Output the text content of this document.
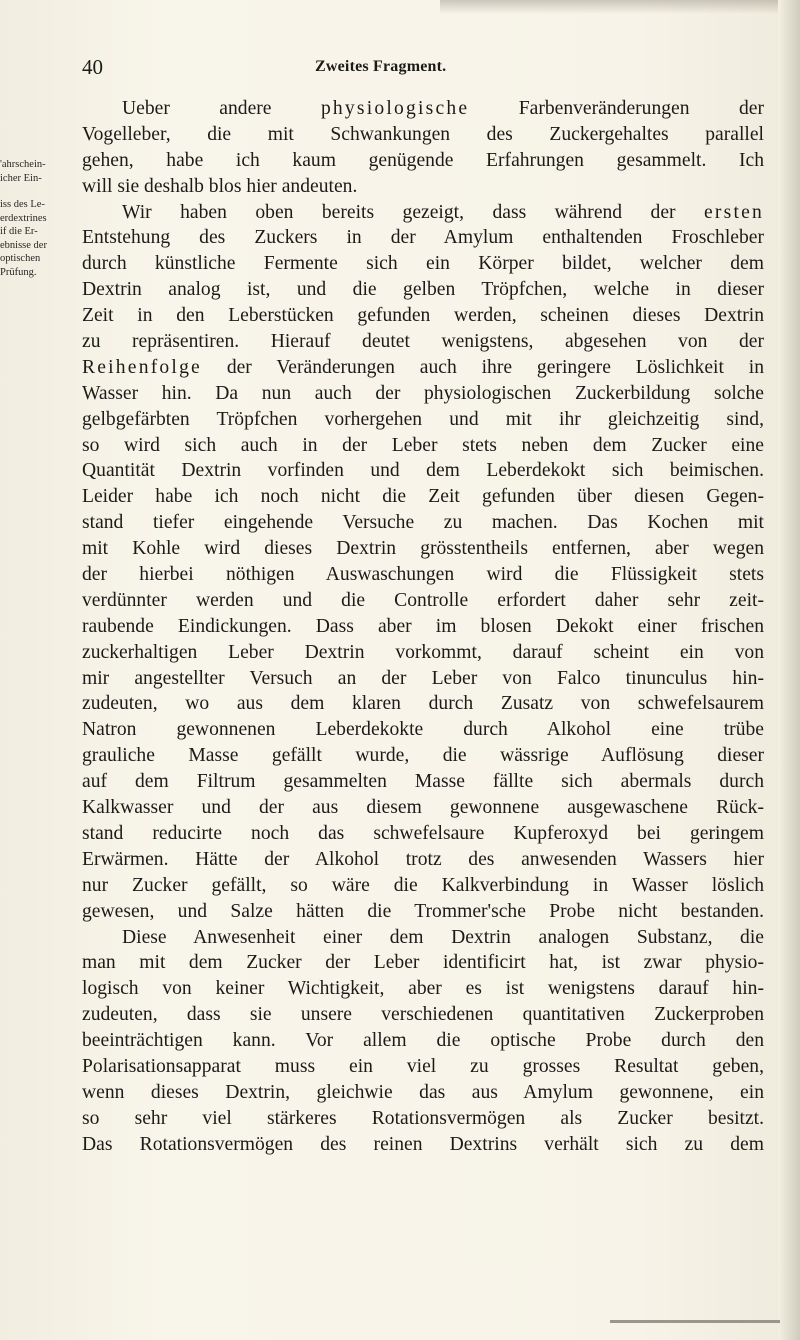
40	Zweites Fragment.
'ahrschein-
icher Ein-
iss des Le-
erdextrines
if die Er-
ebnisse der
optischen
Prüfung.
Ueber andere physiologische Farbenveränderungen der
Vogelleber, die mit Schwankungen des Zuckergehaltes parallel
gehen, habe ich kaum genügende Erfahrungen gesammelt. Ich
will sie deshalb blos hier andeuten.
Wir haben oben bereits gezeigt, dass während der ersten
Entstehung des Zuckers in der Amylum enthaltenden Froschleber
durch künstliche Fermente sich ein Körper bildet, welcher dem
Dextrin analog ist, und die gelben Tröpfchen, welche in dieser
Zeit in den Leberstücken gefunden werden, scheinen dieses Dextrin
zu repräsentiren. Hierauf deutet wenigstens, abgesehen von der
Reihenfolge der Veränderungen auch ihre geringere Löslichkeit in
Wasser hin. Da nun auch der physiologischen Zuckerbildung solche
gelbgefärbten Tröpfchen vorhergehen und mit ihr gleichzeitig sind,
so wird sich auch in der Leber stets neben dem Zucker eine
Quantität Dextrin vorfinden und dem Leberdekokt sich beimischen.
Leider habe ich noch nicht die Zeit gefunden über diesen Gegen-
stand tiefer eingehende Versuche zu machen. Das Kochen mit
mit Kohle wird dieses Dextrin grösstentheils entfernen, aber wegen
der hierbei nöthigen Auswaschungen wird die Flüssigkeit stets
verdünnter werden und die Controlle erfordert daher sehr zeit-
raubende Eindickungen. Dass aber im blosen Dekokt einer frischen
zuckerhaltigen Leber Dextrin vorkommt, darauf scheint ein von
mir angestellter Versuch an der Leber von Falco tinunculus hin-
zudeuten, wo aus dem klaren durch Zusatz von schwefelsaurem
Natron gewonnenen Leberdekokte durch Alkohol eine trübe
grauliche Masse gefällt wurde, die wässrige Auflösung dieser
auf dem Filtrum gesammelten Masse fällte sich abermals durch
Kalkwasser und der aus diesem gewonnene ausgewaschene Rück-
stand reducirte noch das schwefelsaure Kupferoxyd bei geringem
Erwärmen. Hätte der Alkohol trotz des anwesenden Wassers hier
nur Zucker gefällt, so wäre die Kalkverbindung in Wasser löslich
gewesen, und Salze hätten die Trommer'sche Probe nicht bestanden.
Diese Anwesenheit einer dem Dextrin analogen Substanz, die
man mit dem Zucker der Leber identificirt hat, ist zwar physio-
logisch von keiner Wichtigkeit, aber es ist wenigstens darauf hin-
zudeuten, dass sie unsere verschiedenen quantitativen Zuckerproben
beeinträchtigen kann. Vor allem die optische Probe durch den
Polarisationsapparat muss ein viel zu grosses Resultat geben,
wenn dieses Dextrin, gleichwie das aus Amylum gewonnene, ein
so sehr viel stärkeres Rotationsvermögen als Zucker besitzt.
Das Rotationsvermögen des reinen Dextrins verhält sich zu dem
